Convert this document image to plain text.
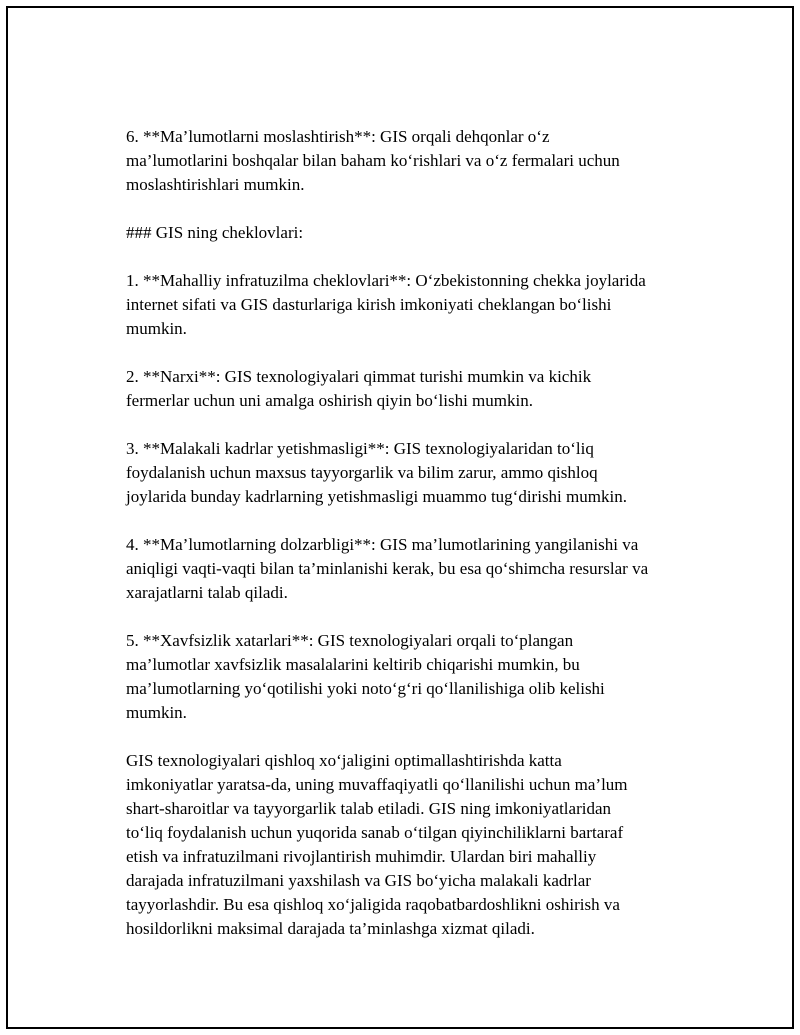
6. **Ma’lumotlarni moslashtirish**: GIS orqali dehqonlar o‘z
ma’lumotlarini boshqalar bilan baham ko‘rishlari va o‘z fermalari uchun
moslashtirishlari mumkin.

### GIS ning cheklovlari:

1. **Mahalliy infratuzilma cheklovlari**: O‘zbekistonning chekka joylarida
internet sifati va GIS dasturlariga kirish imkoniyati cheklangan bo‘lishi
mumkin.

2. **Narxi**: GIS texnologiyalari qimmat turishi mumkin va kichik
fermerlar uchun uni amalga oshirish qiyin bo‘lishi mumkin.

3. **Malakali kadrlar yetishmasligi**: GIS texnologiyalaridan to‘liq
foydalanish uchun maxsus tayyorgarlik va bilim zarur, ammo qishloq
joylarida bunday kadrlarning yetishmasligi muammo tug‘dirishi mumkin.

4. **Ma’lumotlarning dolzarbligi**: GIS ma’lumotlarining yangilanishi va
aniqligi vaqti-vaqti bilan ta’minlanishi kerak, bu esa qo‘shimcha resurslar va
xarajatlarni talab qiladi.

5. **Xavfsizlik xatarlari**: GIS texnologiyalari orqali to‘plangan
ma’lumotlar xavfsizlik masalalarini keltirib chiqarishi mumkin, bu
ma’lumotlarning yo‘qotilishi yoki noto‘g‘ri qo‘llanilishiga olib kelishi
mumkin.

GIS texnologiyalari qishloq xo‘jaligini optimallashtirishda katta
imkoniyatlar yaratsa-da, uning muvaffaqiyatli qo‘llanilishi uchun ma’lum
shart-sharoitlar va tayyorgarlik talab etiladi. GIS ning imkoniyatlaridan
to‘liq foydalanish uchun yuqorida sanab o‘tilgan qiyinchiliklarni bartaraf
etish va infratuzilmani rivojlantirish muhimdir. Ulardan biri mahalliy
darajada infratuzilmani yaxshilash va GIS bo‘yicha malakali kadrlar
tayyorlashdir. Bu esa qishloq xo‘jaligida raqobatbardoshlikni oshirish va
hosildorlikni maksimal darajada ta’minlashga xizmat qiladi.
